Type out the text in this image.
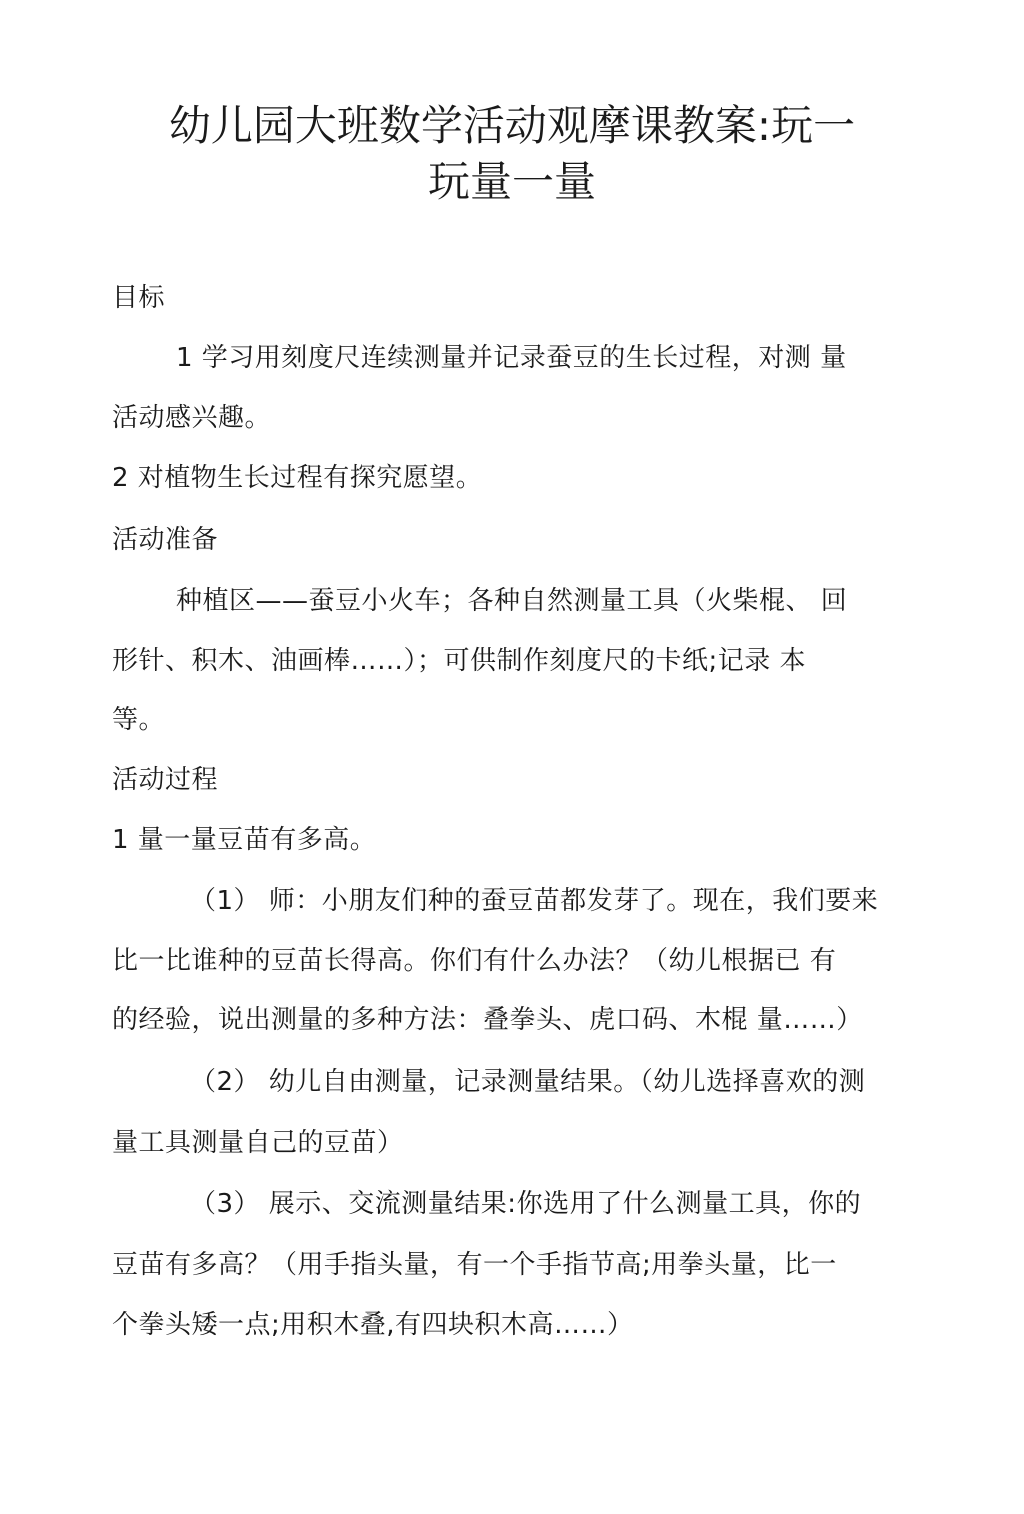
幼儿园大班数学活动观摩课教案:玩一
玩量一量
目标
1 学习用刻度尺连续测量并记录蚕豆的生长过程，对测 量
活动感兴趣。
2 对植物生长过程有探究愿望。
活动准备
种植区——蚕豆小火车；各种自然测量工具（火柴棍、 回
形针、积木、油画棒……）；可供制作刻度尺的卡纸;记录 本
等。
活动过程
1 量一量豆苗有多高。
（1） 师：小朋友们种的蚕豆苗都发芽了。现在，我们要来
比一比谁种的豆苗长得高。你们有什么办法？（幼儿根据已 有
的经验，说出测量的多种方法：叠拳头、虎口码、木棍 量……）
（2） 幼儿自由测量，记录测量结果。（幼儿选择喜欢的测
量工具测量自己的豆苗）
（3） 展示、交流测量结果:你选用了什么测量工具，你的
豆苗有多高？（用手指头量，有一个手指节高;用拳头量，比一
个拳头矮一点;用积木叠,有四块积木高……）
